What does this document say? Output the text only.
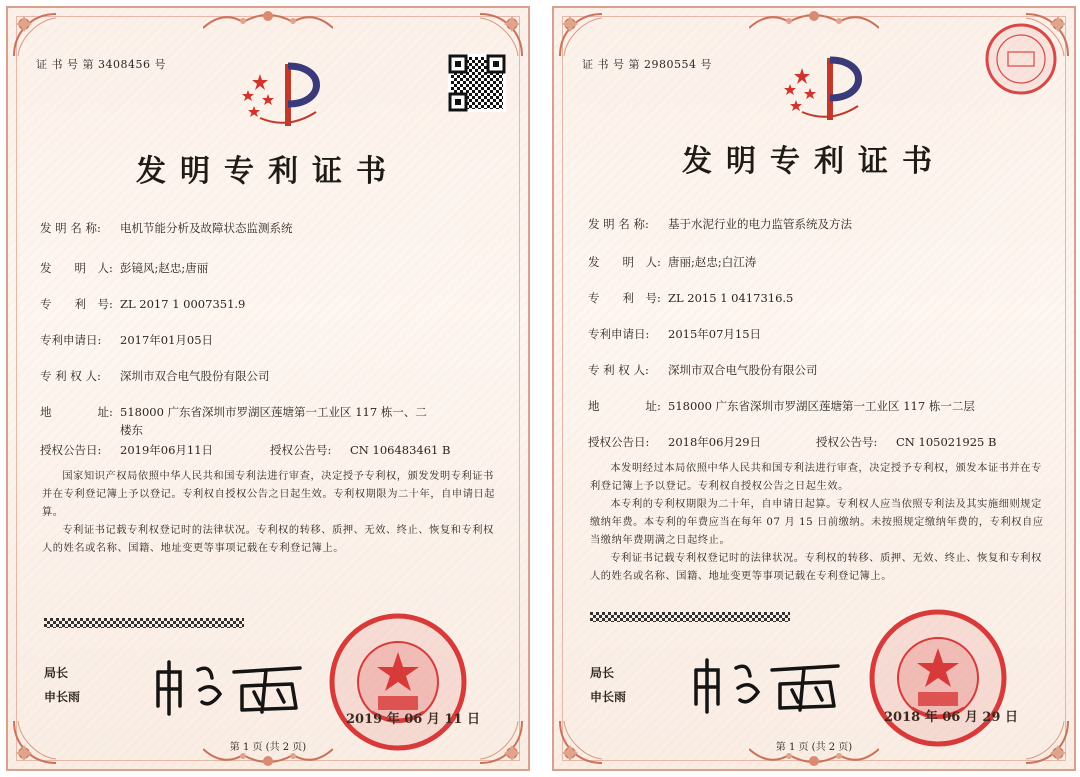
证 书 号 第 3408456 号
发明专利证书
发 明 名 称: 电机节能分析及故障状态监测系统
发　　明　人: 彭镜风;赵忠;唐丽
专　　利　号: ZL 2017 1 0007351.9
专利申请日: 2017年01月05日
专 利 权 人: 深圳市双合电气股份有限公司
地　　　　址: 518000 广东省深圳市罗湖区莲塘第一工业区 117 栋一、二
楼东
授权公告日: 2019年06月11日	授权公告号: CN 106483461 B
国家知识产权局依照中华人民共和国专利法进行审查，决定授予专利权，颁发发明专利证书并在专利登记簿上予以登记。专利权自授权公告之日起生效。专利权期限为二十年，自申请日起算。
专利证书记载专利权登记时的法律状况。专利权的转移、质押、无效、终止、恢复和专利权人的姓名或名称、国籍、地址变更等事项记载在专利登记簿上。
局长
申长雨
2019 年 06 月 11 日
第 1 页 (共 2 页)
证 书 号 第 2980554 号
发明专利证书
发 明 名 称: 基于水泥行业的电力监管系统及方法
发　　明　人: 唐丽;赵忠;白江涛
专　　利　号: ZL 2015 1 0417316.5
专利申请日: 2015年07月15日
专 利 权 人: 深圳市双合电气股份有限公司
地　　　　址: 518000 广东省深圳市罗湖区莲塘第一工业区 117 栋一二层
授权公告日: 2018年06月29日	授权公告号: CN 105021925 B
本发明经过本局依照中华人民共和国专利法进行审查，决定授予专利权，颁发本证书并在专利登记簿上予以登记。专利权自授权公告之日起生效。
本专利的专利权期限为二十年，自申请日起算。专利权人应当依照专利法及其实施细则规定缴纳年费。本专利的年费应当在每年 07 月 15 日前缴纳。未按照规定缴纳年费的，专利权自应当缴纳年费期满之日起终止。
专利证书记载专利权登记时的法律状况。专利权的转移、质押、无效、终止、恢复和专利权人的姓名或名称、国籍、地址变更等事项记载在专利登记簿上。
局长
申长雨
2018 年 06 月 29 日
第 1 页 (共 2 页)
